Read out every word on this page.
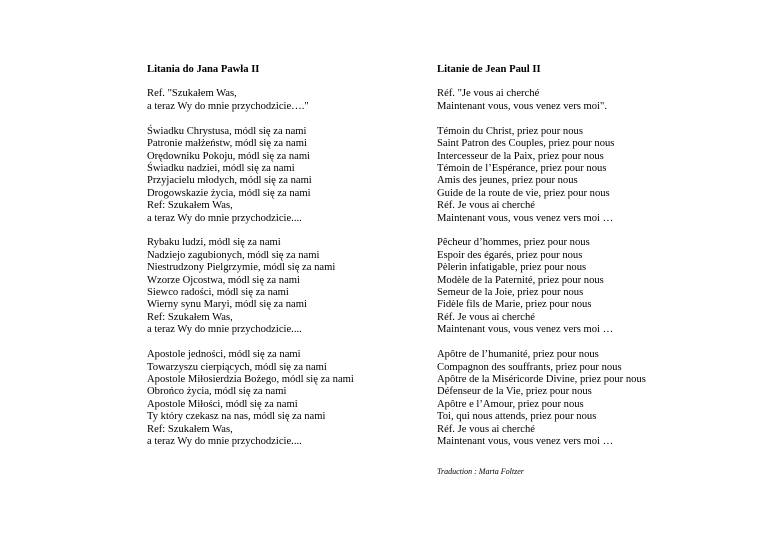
Litania do Jana Pawła II
Ref. "Szukałem Was,
a teraz Wy do mnie przychodzicie…."
Świadku Chrystusa, módl się za nami
Patronie małżeństw, módl się za nami
Orędowniku Pokoju, módl się za nami
Świadku nadziei, módl się za nami
Przyjacielu młodych, módl się za nami
Drogowskazie życia, módl się za nami
Ref: Szukałem Was,
a teraz Wy do mnie przychodzicie....
Rybaku ludzi, módl się za nami
Nadziejo zagubionych, módl się za nami
Niestrudzony Pielgrzymie, módl się za nami
Wzorze Ojcostwa, módl się za nami
Siewco radości, módl się za nami
Wierny synu Maryi, módl się za nami
Ref: Szukałem Was,
a teraz Wy do mnie przychodzicie....
Apostole jedności, módl się za nami
Towarzyszu cierpiących, módl się za nami
Apostole Miłosierdzia Bożego, módl się za nami
Obrońco życia, módl się za nami
Apostole Miłości, módl się za nami
Ty który czekasz na nas, módl się za nami
Ref: Szukałem Was,
a teraz Wy do mnie przychodzicie....
Litanie de Jean Paul II
Réf. "Je vous ai cherché
Maintenant vous, vous venez vers moi".
Témoin du Christ, priez pour nous
Saint Patron des Couples, priez pour nous
Intercesseur de la Paix, priez pour nous
Témoin de l’Espérance, priez pour nous
Amis des jeunes, priez pour nous
Guide de la route de vie, priez pour nous
Réf. Je vous ai cherché
Maintenant vous, vous venez vers moi …
Pêcheur d’hommes, priez pour nous
Espoir des égarés, priez pour nous
Pèlerin infatigable, priez pour nous
Modèle de la Paternité, priez pour nous
Semeur de la Joie, priez pour nous
Fidèle fils de Marie, priez pour nous
Réf. Je vous ai cherché
Maintenant vous, vous venez vers moi …
Apôtre de l’humanité, priez pour nous
Compagnon des souffrants, priez pour nous
Apôtre de la Miséricorde Divine, priez pour nous
Défenseur de la Vie, priez pour nous
Apôtre e l’Amour, priez pour nous
Toi, qui nous attends, priez pour nous
Réf. Je vous ai cherché
Maintenant vous, vous venez vers moi …
Traduction : Marta Foltzer
